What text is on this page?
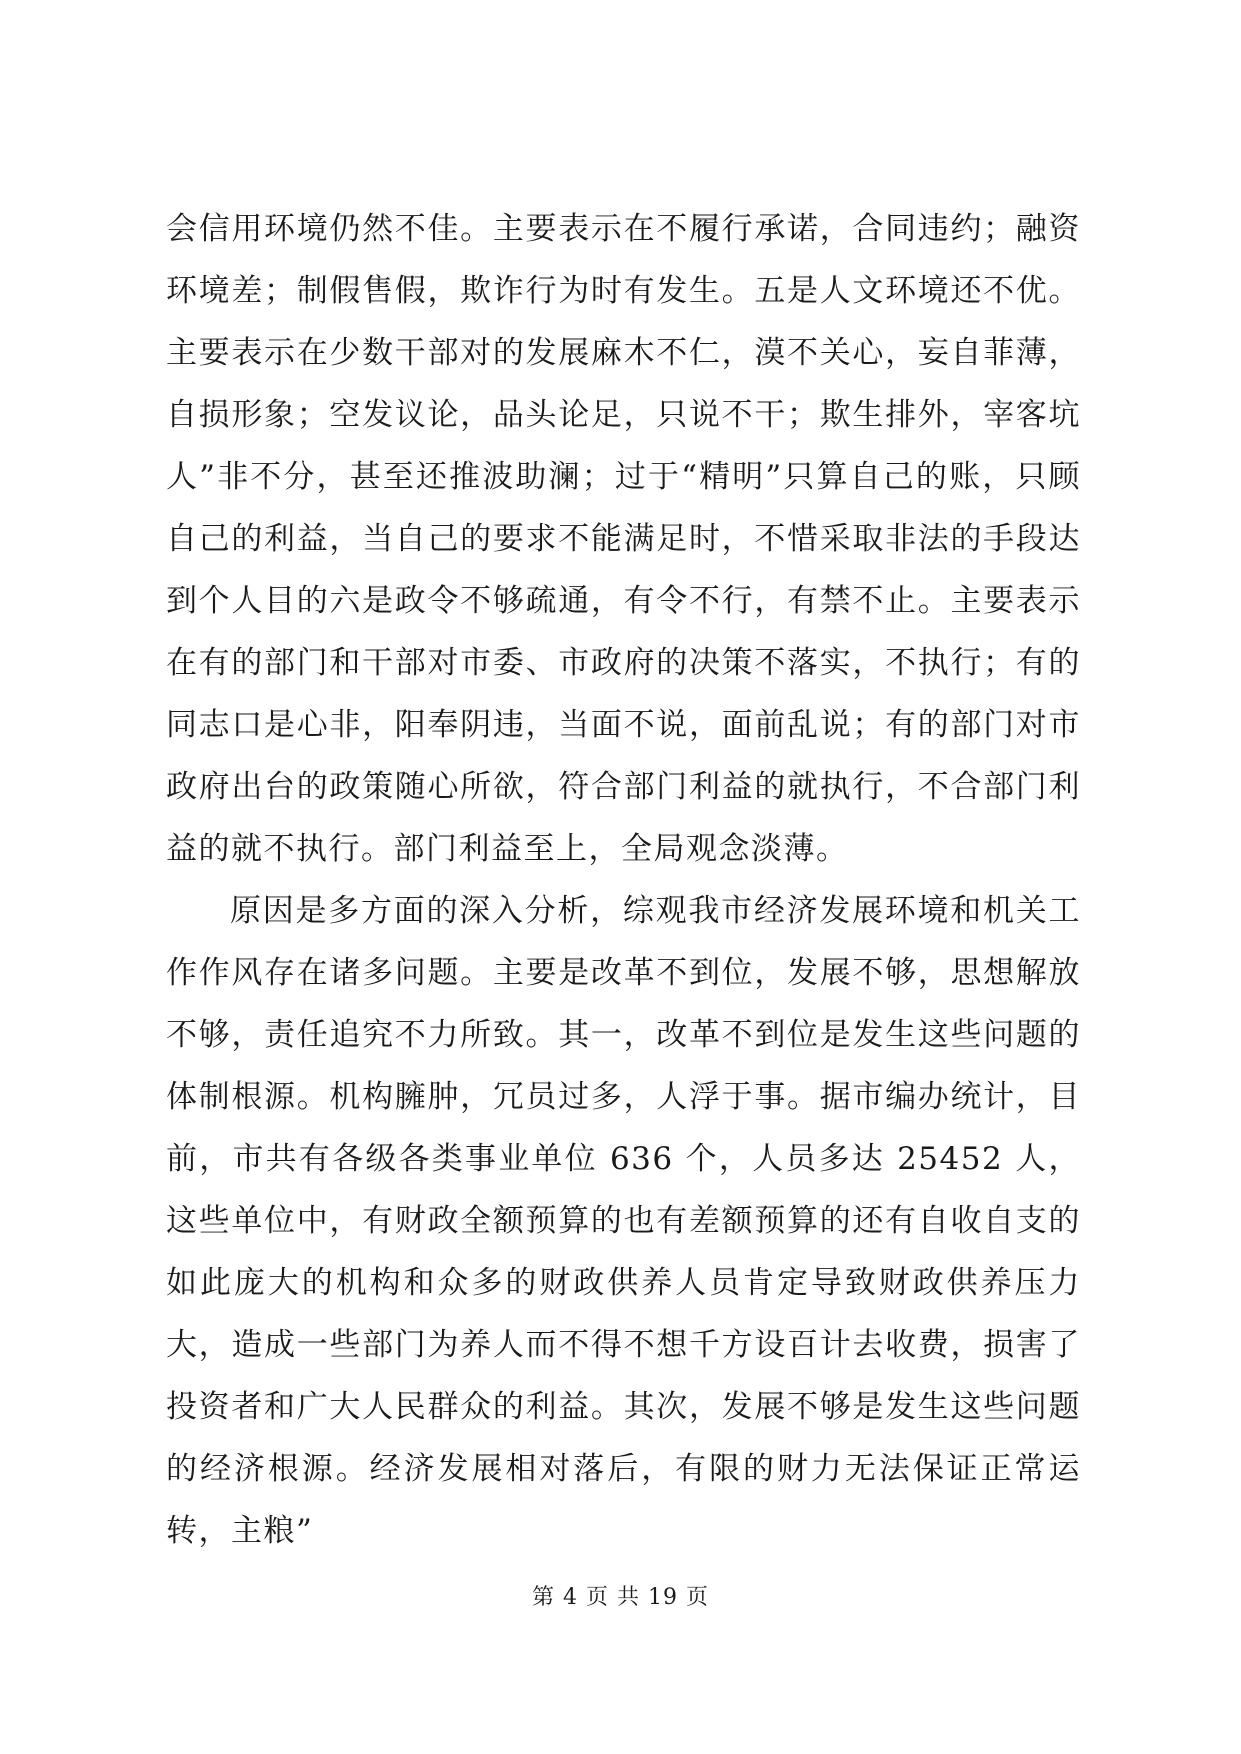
会信用环境仍然不佳。主要表示在不履行承诺，合同违约；融资环境差；制假售假，欺诈行为时有发生。五是人文环境还不优。主要表示在少数干部对的发展麻木不仁，漠不关心，妄自菲薄，自损形象；空发议论，品头论足，只说不干；欺生排外，宰客坑人”非不分，甚至还推波助澜；过于“精明”只算自己的账，只顾自己的利益，当自己的要求不能满足时，不惜采取非法的手段达到个人目的六是政令不够疏通，有令不行，有禁不止。主要表示在有的部门和干部对市委、市政府的决策不落实，不执行；有的同志口是心非，阳奉阴违，当面不说，面前乱说；有的部门对市政府出台的政策随心所欲，符合部门利益的就执行，不合部门利益的就不执行。部门利益至上，全局观念淡薄。

原因是多方面的深入分析，综观我市经济发展环境和机关工作作风存在诸多问题。主要是改革不到位，发展不够，思想解放不够，责任追究不力所致。其一，改革不到位是发生这些问题的体制根源。机构臃肿，冗员过多，人浮于事。据市编办统计，目前，市共有各级各类事业单位 636 个，人员多达 25452 人，这些单位中，有财政全额预算的也有差额预算的还有自收自支的如此庞大的机构和众多的财政供养人员肯定导致财政供养压力大，造成一些部门为养人而不得不想千方设百计去收费，损害了投资者和广大人民群众的利益。其次，发展不够是发生这些问题的经济根源。经济发展相对落后，有限的财力无法保证正常运转，主粮”

第 4 页 共 19 页
